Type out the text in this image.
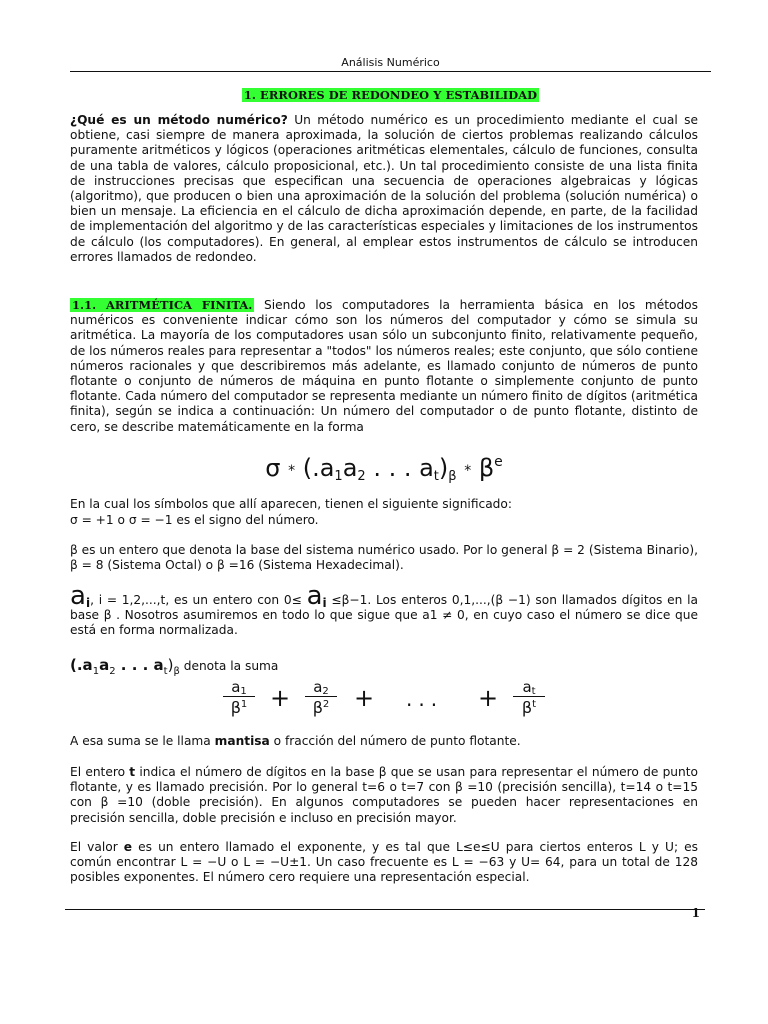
Análisis Numérico
1. ERRORES DE REDONDEO Y ESTABILIDAD

¿Qué es un método numérico? Un método numérico es un procedimiento mediante el cual se obtiene, casi siempre de manera aproximada, la solución de ciertos problemas realizando cálculos puramente aritméticos y lógicos (operaciones aritméticas elementales, cálculo de funciones, consulta de una tabla de valores, cálculo proposicional, etc.). Un tal procedimiento consiste de una lista finita de instrucciones precisas que especifican una secuencia de operaciones algebraicas y lógicas (algoritmo), que producen o bien una aproximación de la solución del problema (solución numérica) o bien un mensaje. La eficiencia en el cálculo de dicha aproximación depende, en parte, de la facilidad de implementación del algoritmo y de las características especiales y limitaciones de los instrumentos de cálculo (los computadores). En general, al emplear estos instrumentos de cálculo se introducen errores llamados de redondeo.

1.1. ARITMÉTICA FINITA. Siendo los computadores la herramienta básica en los métodos numéricos es conveniente indicar cómo son los números del computador y cómo se simula su aritmética. La mayoría de los computadores usan sólo un subconjunto finito, relativamente pequeño, de los números reales para representar a "todos" los números reales; este conjunto, que sólo contiene números racionales y que describiremos más adelante, es llamado conjunto de números de punto flotante o conjunto de números de máquina en punto flotante o simplemente conjunto de punto flotante. Cada número del computador se representa mediante un número finito de dígitos (aritmética finita), según se indica a continuación: Un número del computador o de punto flotante, distinto de cero, se describe matemáticamente en la forma

σ * ($.a_1a_2$ . . . $a_t)_\beta * \beta^e$
En la cual los símbolos que allí aparecen, tienen el siguiente significado:
σ = +1 o σ = −1 es el signo del número.

β es un entero que denota la base del sistema numérico usado. Por lo general β = 2 (Sistema Binario), β = 8 (Sistema Octal) o β =16 (Sistema Hexadecimal).

$a_i$, i = 1,2,...,t, es un entero con $0\le a_i \le\beta-1$. Los enteros 0,1,...,(β −1) son llamados dígitos en la base β . Nosotros asumiremos en todo lo que sigue que a1 ≠ 0, en cuyo caso el número se dice que está en forma normalizada.

($.a_1a_2$ . . . $a_t)_\beta$ denota la suma
$a_1$
$\beta^1$ +	$a_2$
$\beta^2$	+ ... +	$a_t$
$\beta^t$
A esa suma se le llama mantisa o fracción del número de punto flotante.

El entero t indica el número de dígitos en la base β que se usan para representar el número de punto flotante, y es llamado precisión. Por lo general t=6 o t=7 con β =10 (precisión sencilla), t=14 o t=15 con β =10 (doble precisión). En algunos computadores se pueden hacer representaciones en precisión sencilla, doble precisión e incluso en precisión mayor.

El valor e es un entero llamado el exponente, y es tal que L≤e≤U para ciertos enteros L y U; es común encontrar L = −U o L = −U±1. Un caso frecuente es L = −63 y U= 64, para un total de 128 posibles exponentes. El número cero requiere una representación especial.

1
